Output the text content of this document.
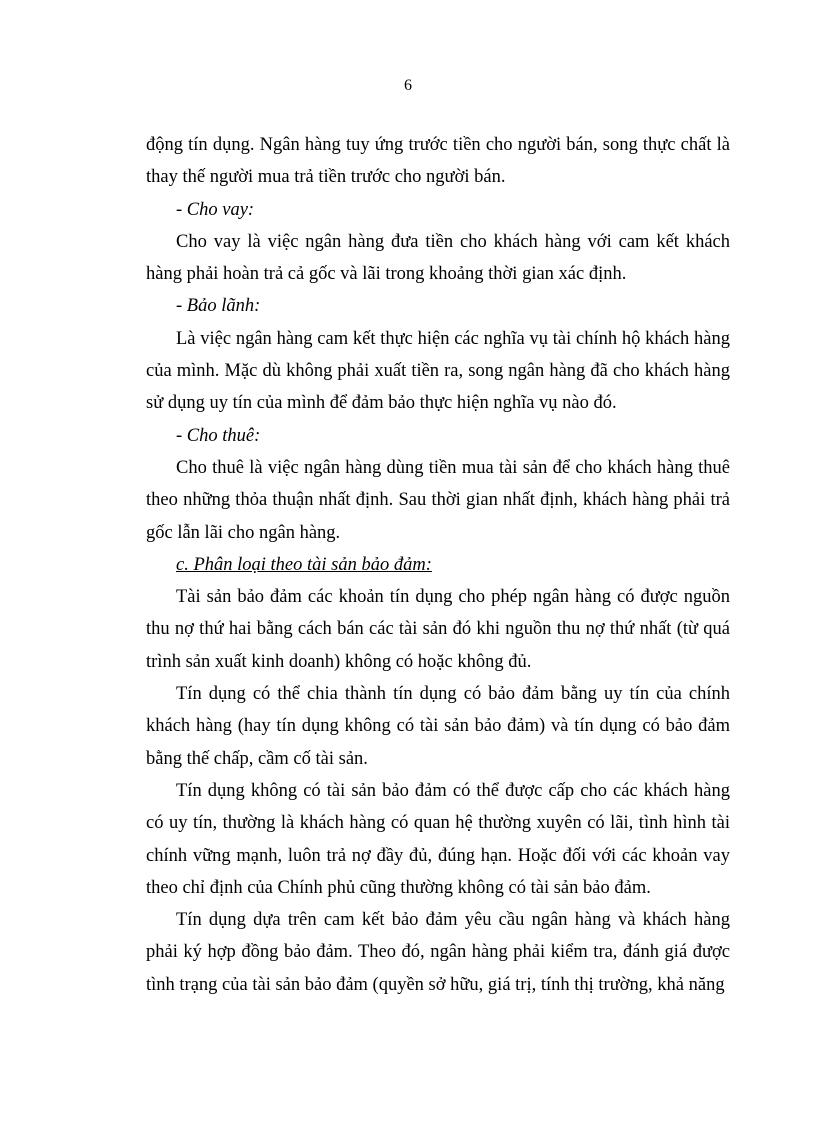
6

động tín dụng. Ngân hàng tuy ứng trước tiền cho người bán, song thực chất là thay thế người mua trả tiền trước cho người bán.

- Cho vay:

Cho vay là việc ngân hàng đưa tiền cho khách hàng với cam kết khách hàng phải hoàn trả cả gốc và lãi trong khoảng thời gian xác định.

- Bảo lãnh:

Là việc ngân hàng cam kết thực hiện các nghĩa vụ tài chính hộ khách hàng của mình. Mặc dù không phải xuất tiền ra, song ngân hàng đã cho khách hàng sử dụng uy tín của mình để đảm bảo thực hiện nghĩa vụ nào đó.

- Cho thuê:

Cho thuê là việc ngân hàng dùng tiền mua tài sản để cho khách hàng thuê theo những thỏa thuận nhất định. Sau thời gian nhất định, khách hàng phải trả gốc lẫn lãi cho ngân hàng.

c. Phân loại theo tài sản bảo đảm:

Tài sản bảo đảm các khoản tín dụng cho phép ngân hàng có được nguồn thu nợ thứ hai bằng cách bán các tài sản đó khi nguồn thu nợ thứ nhất (từ quá trình sản xuất kinh doanh) không có hoặc không đủ.

Tín dụng có thể chia thành tín dụng có bảo đảm bằng uy tín của chính khách hàng (hay tín dụng không có tài sản bảo đảm) và tín dụng có bảo đảm bằng thế chấp, cầm cố tài sản.

Tín dụng không có tài sản bảo đảm có thể được cấp cho các khách hàng có uy tín, thường là khách hàng có quan hệ thường xuyên có lãi, tình hình tài chính vững mạnh, luôn trả nợ đầy đủ, đúng hạn. Hoặc đối với các khoản vay theo chỉ định của Chính phủ cũng thường không có tài sản bảo đảm.

Tín dụng dựa trên cam kết bảo đảm yêu cầu ngân hàng và khách hàng phải ký hợp đồng bảo đảm. Theo đó, ngân hàng phải kiểm tra, đánh giá được tình trạng của tài sản bảo đảm (quyền sở hữu, giá trị, tính thị trường, khả năng
